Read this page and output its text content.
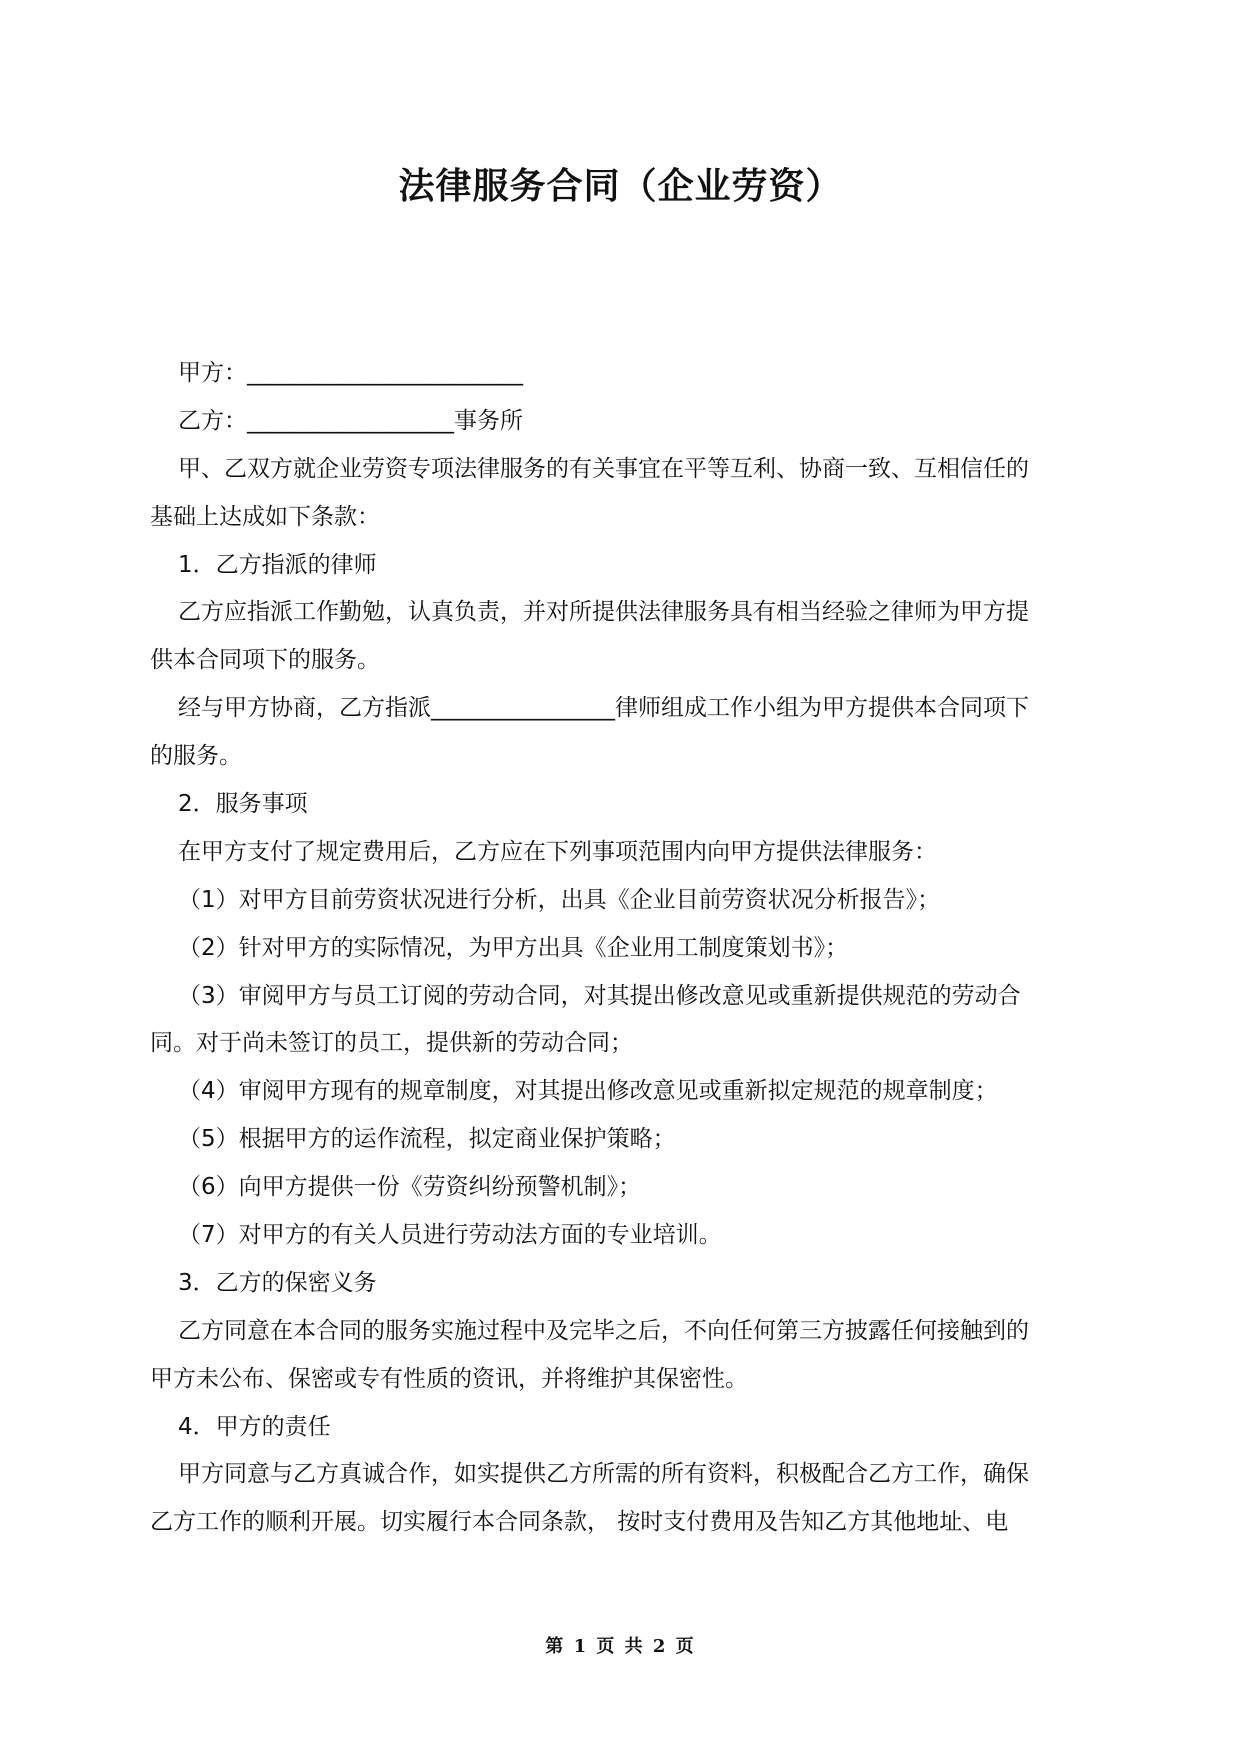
法律服务合同（企业劳资）
甲方：________________________
乙方：__________________事务所
甲、乙双方就企业劳资专项法律服务的有关事宜在平等互利、协商一致、互相信任的
基础上达成如下条款：
1．乙方指派的律师
乙方应指派工作勤勉，认真负责，并对所提供法律服务具有相当经验之律师为甲方提
供本合同项下的服务。
经与甲方协商，乙方指派________________律师组成工作小组为甲方提供本合同项下
的服务。
2．服务事项
在甲方支付了规定费用后，乙方应在下列事项范围内向甲方提供法律服务：
（1）对甲方目前劳资状况进行分析，出具《企业目前劳资状况分析报告》；
（2）针对甲方的实际情况，为甲方出具《企业用工制度策划书》；
（3）审阅甲方与员工订阅的劳动合同，对其提出修改意见或重新提供规范的劳动合
同。对于尚未签订的员工，提供新的劳动合同；
（4）审阅甲方现有的规章制度，对其提出修改意见或重新拟定规范的规章制度；
（5）根据甲方的运作流程，拟定商业保护策略；
（6）向甲方提供一份《劳资纠纷预警机制》；
（7）对甲方的有关人员进行劳动法方面的专业培训。
3．乙方的保密义务
乙方同意在本合同的服务实施过程中及完毕之后，不向任何第三方披露任何接触到的
甲方未公布、保密或专有性质的资讯，并将维护其保密性。
4．甲方的责任
甲方同意与乙方真诚合作，如实提供乙方所需的所有资料，积极配合乙方工作，确保
乙方工作的顺利开展。切实履行本合同条款， 按时支付费用及告知乙方其他地址、电
第 1 页 共 2 页
